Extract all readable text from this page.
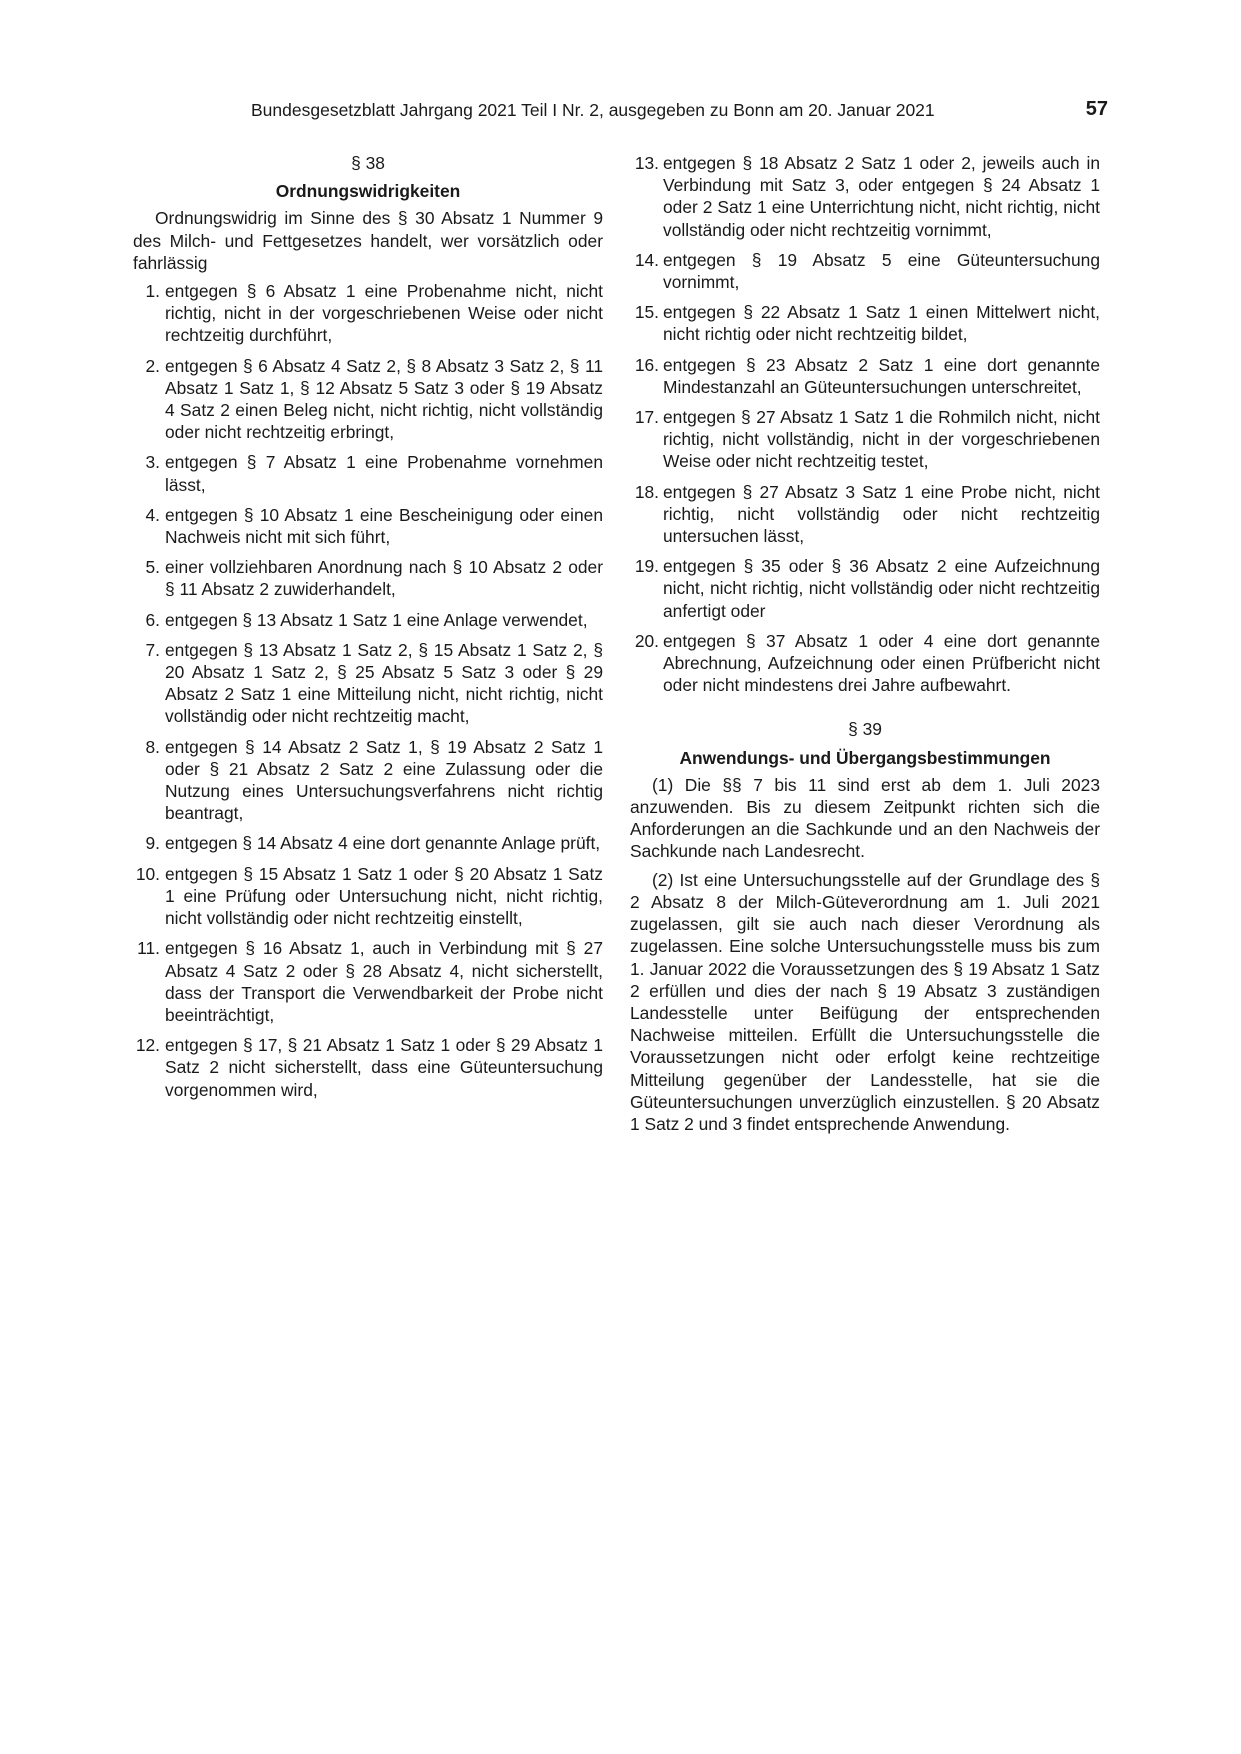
Bundesgesetzblatt Jahrgang 2021 Teil I Nr. 2, ausgegeben zu Bonn am 20. Januar 2021	57
§ 38
Ordnungswidrigkeiten
Ordnungswidrig im Sinne des § 30 Absatz 1 Nummer 9 des Milch- und Fettgesetzes handelt, wer vorsätzlich oder fahrlässig
1. entgegen § 6 Absatz 1 eine Probenahme nicht, nicht richtig, nicht in der vorgeschriebenen Weise oder nicht rechtzeitig durchführt,
2. entgegen § 6 Absatz 4 Satz 2, § 8 Absatz 3 Satz 2, § 11 Absatz 1 Satz 1, § 12 Absatz 5 Satz 3 oder § 19 Absatz 4 Satz 2 einen Beleg nicht, nicht richtig, nicht vollständig oder nicht rechtzeitig erbringt,
3. entgegen § 7 Absatz 1 eine Probenahme vornehmen lässt,
4. entgegen § 10 Absatz 1 eine Bescheinigung oder einen Nachweis nicht mit sich führt,
5. einer vollziehbaren Anordnung nach § 10 Absatz 2 oder § 11 Absatz 2 zuwiderhandelt,
6. entgegen § 13 Absatz 1 Satz 1 eine Anlage verwendet,
7. entgegen § 13 Absatz 1 Satz 2, § 15 Absatz 1 Satz 2, § 20 Absatz 1 Satz 2, § 25 Absatz 5 Satz 3 oder § 29 Absatz 2 Satz 1 eine Mitteilung nicht, nicht richtig, nicht vollständig oder nicht rechtzeitig macht,
8. entgegen § 14 Absatz 2 Satz 1, § 19 Absatz 2 Satz 1 oder § 21 Absatz 2 Satz 2 eine Zulassung oder die Nutzung eines Untersuchungsverfahrens nicht richtig beantragt,
9. entgegen § 14 Absatz 4 eine dort genannte Anlage prüft,
10. entgegen § 15 Absatz 1 Satz 1 oder § 20 Absatz 1 Satz 1 eine Prüfung oder Untersuchung nicht, nicht richtig, nicht vollständig oder nicht rechtzeitig einstellt,
11. entgegen § 16 Absatz 1, auch in Verbindung mit § 27 Absatz 4 Satz 2 oder § 28 Absatz 4, nicht sicherstellt, dass der Transport die Verwendbarkeit der Probe nicht beeinträchtigt,
12. entgegen § 17, § 21 Absatz 1 Satz 1 oder § 29 Absatz 1 Satz 2 nicht sicherstellt, dass eine Güteuntersuchung vorgenommen wird,
13. entgegen § 18 Absatz 2 Satz 1 oder 2, jeweils auch in Verbindung mit Satz 3, oder entgegen § 24 Absatz 1 oder 2 Satz 1 eine Unterrichtung nicht, nicht richtig, nicht vollständig oder nicht rechtzeitig vornimmt,
14. entgegen § 19 Absatz 5 eine Güteuntersuchung vornimmt,
15. entgegen § 22 Absatz 1 Satz 1 einen Mittelwert nicht, nicht richtig oder nicht rechtzeitig bildet,
16. entgegen § 23 Absatz 2 Satz 1 eine dort genannte Mindestanzahl an Güteuntersuchungen unterschreitet,
17. entgegen § 27 Absatz 1 Satz 1 die Rohmilch nicht, nicht richtig, nicht vollständig, nicht in der vorgeschriebenen Weise oder nicht rechtzeitig testet,
18. entgegen § 27 Absatz 3 Satz 1 eine Probe nicht, nicht richtig, nicht vollständig oder nicht rechtzeitig untersuchen lässt,
19. entgegen § 35 oder § 36 Absatz 2 eine Aufzeichnung nicht, nicht richtig, nicht vollständig oder nicht rechtzeitig anfertigt oder
20. entgegen § 37 Absatz 1 oder 4 eine dort genannte Abrechnung, Aufzeichnung oder einen Prüfbericht nicht oder nicht mindestens drei Jahre aufbewahrt.
§ 39
Anwendungs- und Übergangsbestimmungen
(1) Die §§ 7 bis 11 sind erst ab dem 1. Juli 2023 anzuwenden. Bis zu diesem Zeitpunkt richten sich die Anforderungen an die Sachkunde und an den Nachweis der Sachkunde nach Landesrecht.
(2) Ist eine Untersuchungsstelle auf der Grundlage des § 2 Absatz 8 der Milch-Güteverordnung am 1. Juli 2021 zugelassen, gilt sie auch nach dieser Verordnung als zugelassen. Eine solche Untersuchungsstelle muss bis zum 1. Januar 2022 die Voraussetzungen des § 19 Absatz 1 Satz 2 erfüllen und dies der nach § 19 Absatz 3 zuständigen Landesstelle unter Beifügung der entsprechenden Nachweise mitteilen. Erfüllt die Untersuchungsstelle die Voraussetzungen nicht oder erfolgt keine rechtzeitige Mitteilung gegenüber der Landesstelle, hat sie die Güteuntersuchungen unverzüglich einzustellen. § 20 Absatz 1 Satz 2 und 3 findet entsprechende Anwendung.
